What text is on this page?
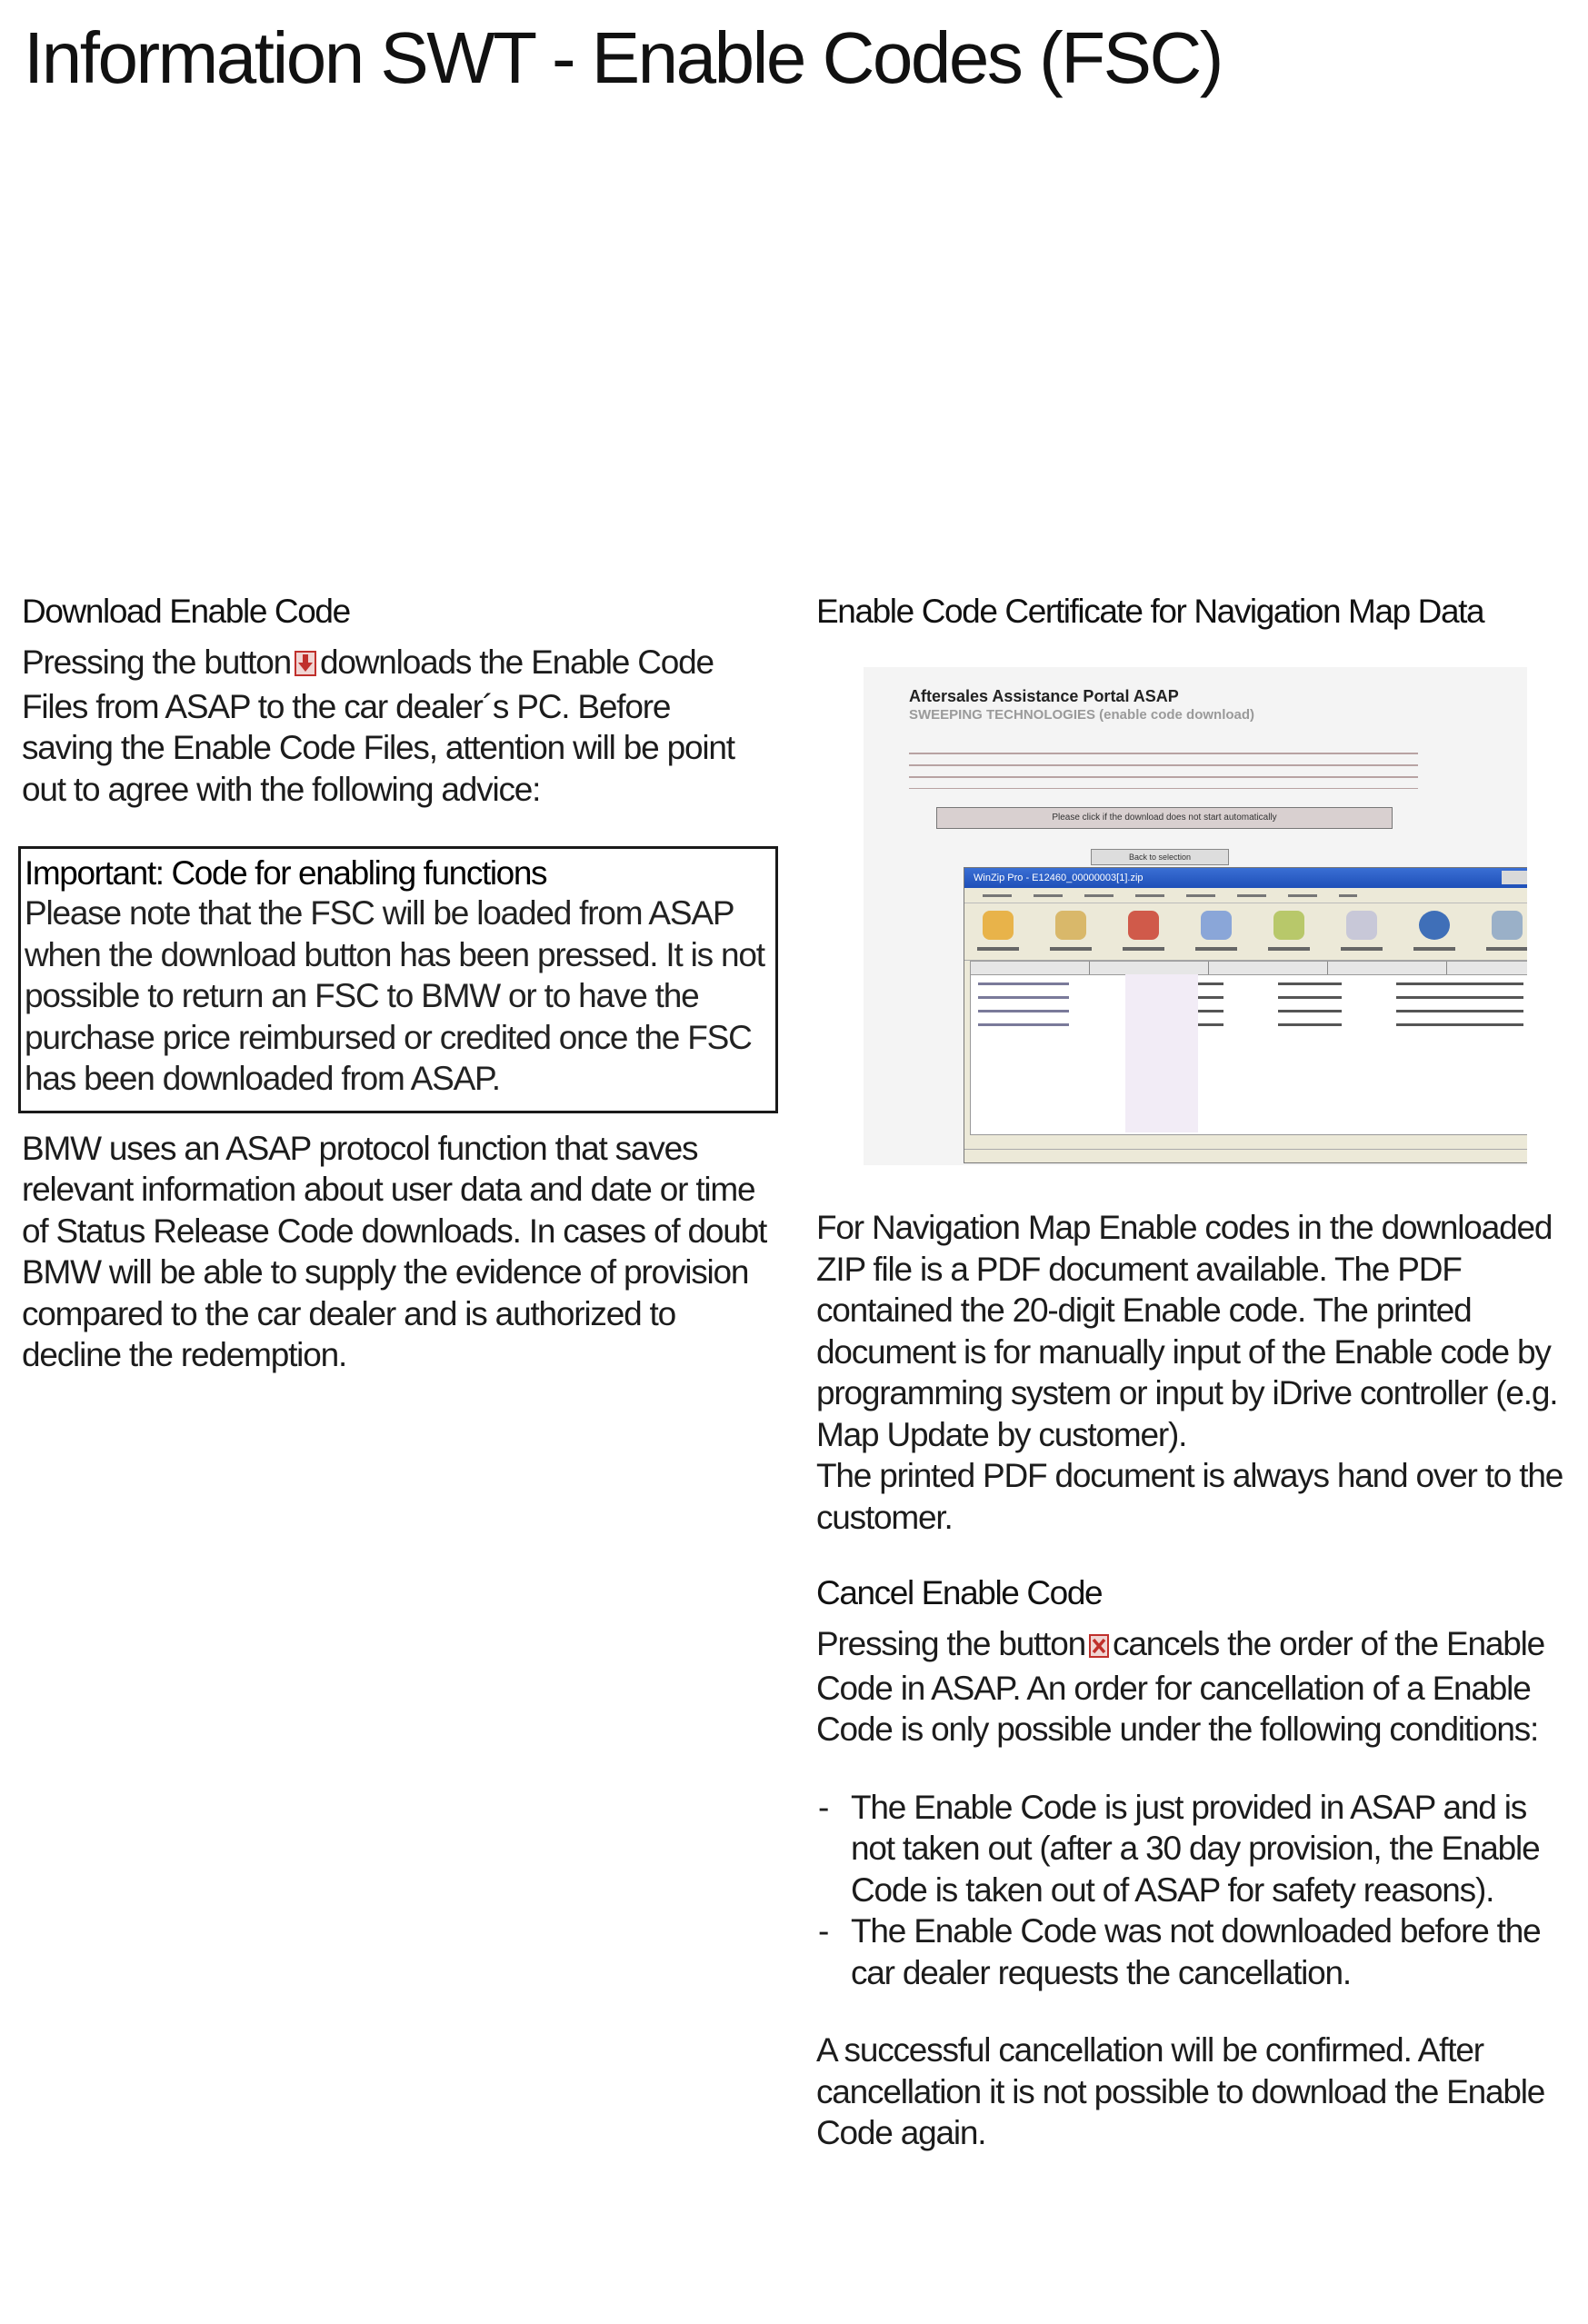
Information SWT - Enable Codes (FSC)
Download Enable Code

Pressing the button downloads the Enable Code Files from ASAP to the car dealer´s PC. Before saving the Enable Code Files, attention will be point out to agree with the following advice:

Important: Code for enabling functions

Please note that the FSC will be loaded from ASAP when the download button has been pressed. It is not possible to return an FSC to BMW or to have the purchase price reimbursed or credited once the FSC has been downloaded from ASAP.

BMW uses an ASAP protocol function that saves relevant information about user data and date or time of Status Release Code downloads. In cases of doubt BMW will be able to supply the evidence of provision compared to the car dealer and is authorized to decline the redemption.

Enable Code Certificate for Navigation Map Data
Aftersales Assistance Portal ASAP
SWEEPING TECHNOLOGIES (enable code download)
Please click if the download does not start automatically
Back to selection
WinZip Pro - E12460_00000003[1].zip

For Navigation Map Enable codes in the downloaded ZIP file is a PDF document available. The PDF contained the 20-digit Enable code. The printed document is for manually input of the Enable code by programming system or input by iDrive controller (e.g. Map Update by customer).

The printed PDF document is always hand over to the customer.

Cancel Enable Code

Pressing the button cancels the order of the Enable Code in ASAP. An order for cancellation of a Enable Code is only possible under the following conditions:

- The Enable Code is just provided in ASAP and is not taken out (after a 30 day provision, the Enable Code is taken out of ASAP for safety reasons).
- The Enable Code was not downloaded before the car dealer requests the cancellation.

A successful cancellation will be confirmed. After cancellation it is not possible to download the Enable Code again.
